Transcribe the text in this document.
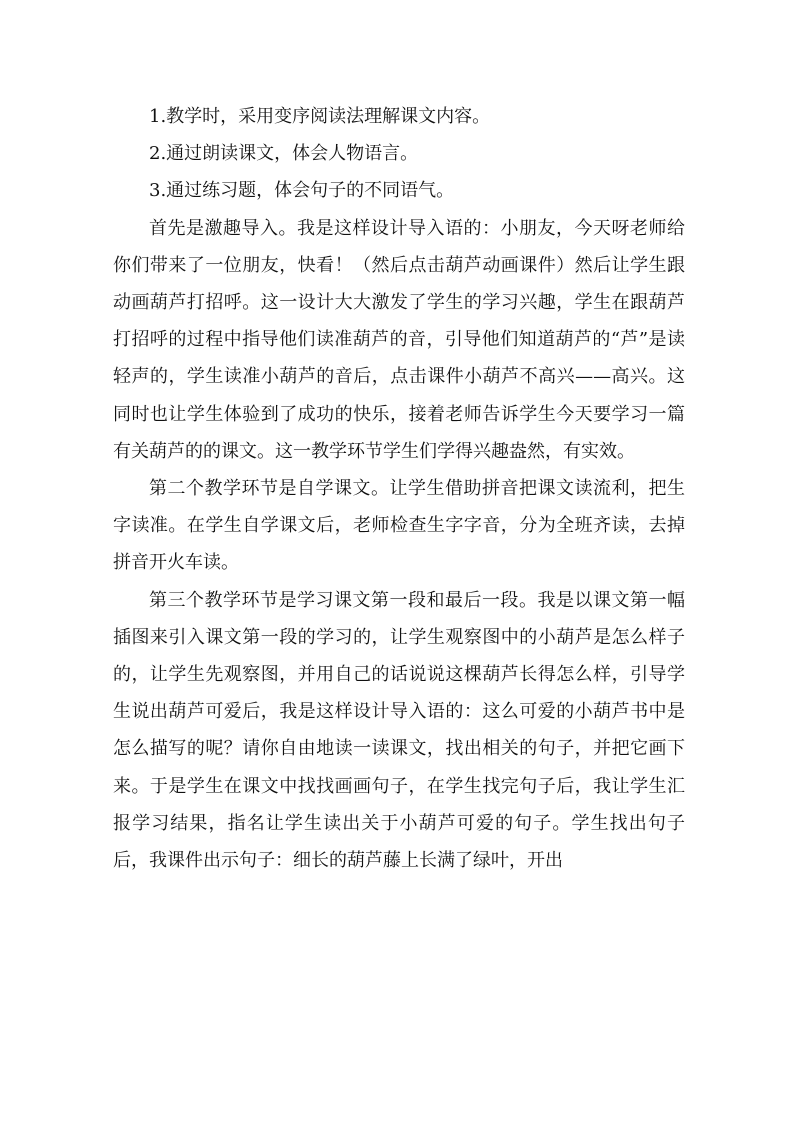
1.教学时，采用变序阅读法理解课文内容。

2.通过朗读课文，体会人物语言。

3.通过练习题，体会句子的不同语气。

首先是激趣导入。我是这样设计导入语的：小朋友，今天呀老师给你们带来了一位朋友，快看！（然后点击葫芦动画课件）然后让学生跟动画葫芦打招呼。这一设计大大激发了学生的学习兴趣，学生在跟葫芦打招呼的过程中指导他们读准葫芦的音，引导他们知道葫芦的“芦”是读轻声的，学生读准小葫芦的音后，点击课件小葫芦不高兴——高兴。这同时也让学生体验到了成功的快乐，接着老师告诉学生今天要学习一篇有关葫芦的的课文。这一教学环节学生们学得兴趣盎然，有实效。

第二个教学环节是自学课文。让学生借助拼音把课文读流利，把生字读准。在学生自学课文后，老师检查生字字音，分为全班齐读，去掉拼音开火车读。

第三个教学环节是学习课文第一段和最后一段。我是以课文第一幅插图来引入课文第一段的学习的，让学生观察图中的小葫芦是怎么样子的，让学生先观察图，并用自己的话说说这棵葫芦长得怎么样，引导学生说出葫芦可爱后，我是这样设计导入语的：这么可爱的小葫芦书中是怎么描写的呢？请你自由地读一读课文，找出相关的句子，并把它画下来。于是学生在课文中找找画画句子，在学生找完句子后，我让学生汇报学习结果，指名让学生读出关于小葫芦可爱的句子。学生找出句子后，我课件出示句子：细长的葫芦藤上长满了绿叶，开出
